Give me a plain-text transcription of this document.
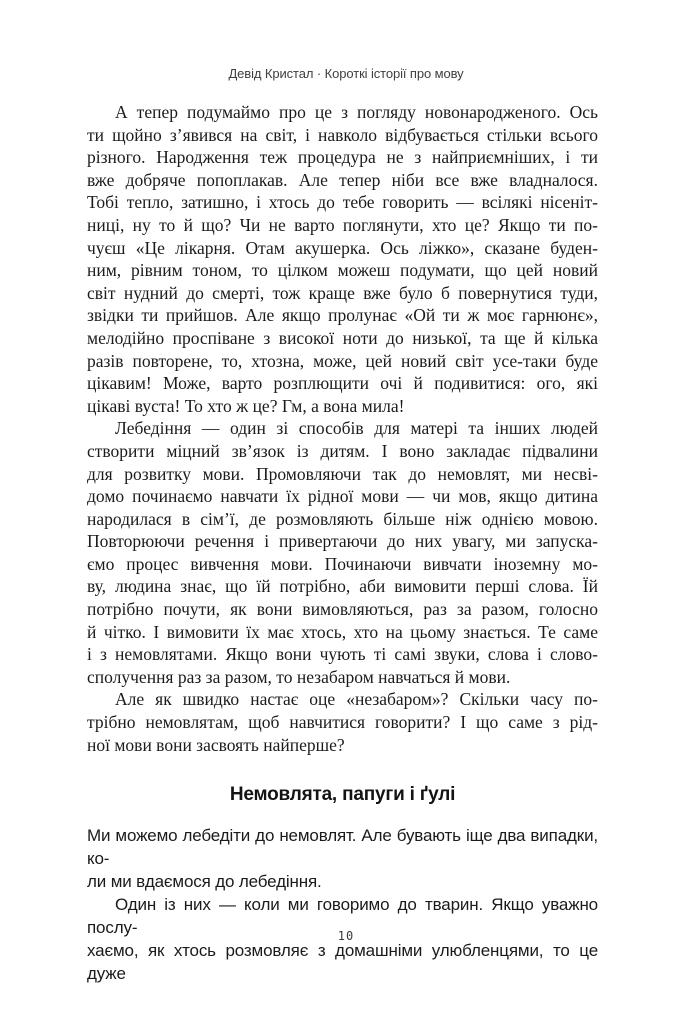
Девід Кристал · Короткі історії про мову
А тепер подумаймо про це з погляду новонародженого. Ось
ти щойно з’явився на світ, і навколо відбувається стільки всього
різного. Народження теж процедура не з найприємніших, і ти
вже добряче попоплакав. Але тепер ніби все вже владналося.
Тобі тепло, затишно, і хтось до тебе говорить — всілякі нісеніт-
ниці, ну то й що? Чи не варто поглянути, хто це? Якщо ти по-
чуєш «Це лікарня. Отам акушерка. Ось ліжко», сказане буден-
ним, рівним тоном, то цілком можеш подумати, що цей новий
світ нудний до смерті, тож краще вже було б повернутися туди,
звідки ти прийшов. Але якщо пролунає «Ой ти ж моє гарнюнє»,
мелодійно проспіване з високої ноти до низької, та ще й кілька
разів повторене, то, хтозна, може, цей новий світ усе-таки буде
цікавим! Може, варто розплющити очі й подивитися: ого, які
цікаві вуста! То хто ж це? Гм, а вона мила!
Лебедіння — один зі способів для матері та інших людей
створити міцний зв’язок із дитям. І воно закладає підвалини
для розвитку мови. Промовляючи так до немовлят, ми несві-
домо починаємо навчати їх рідної мови — чи мов, якщо дитина
народилася в сім’ї, де розмовляють більше ніж однією мовою.
Повторюючи речення і привертаючи до них увагу, ми запуска-
ємо процес вивчення мови. Починаючи вивчати іноземну мо-
ву, людина знає, що їй потрібно, аби вимовити перші слова. Їй
потрібно почути, як вони вимовляються, раз за разом, голосно
й чітко. І вимовити їх має хтось, хто на цьому знається. Те саме
і з немовлятами. Якщо вони чують ті самі звуки, слова і слово-
сполучення раз за разом, то незабаром навчаться й мови.
Але як швидко настає оце «незабаром»? Скільки часу по-
трібно немовлятам, щоб навчитися говорити? І що саме з рід-
ної мови вони засвоять найперше?
Немовлята, папуги і ґулі
Ми можемо лебедіти до немовлят. Але бувають іще два випадки, ко-
ли ми вдаємося до лебедіння.
Один із них — коли ми говоримо до тварин. Якщо уважно послу-
хаємо, як хтось розмовляє з домашніми улюбленцями, то це дуже
10
